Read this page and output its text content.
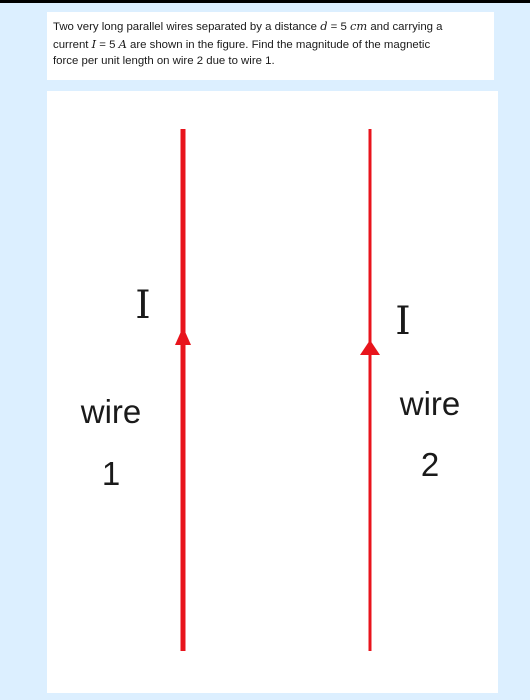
Two very long parallel wires separated by a distance d = 5 cm and carrying a
current I = 5 A are shown in the figure. Find the magnitude of the magnetic
force per unit length on wire 2 due to wire 1.
I
wire
1
I
wire
2
